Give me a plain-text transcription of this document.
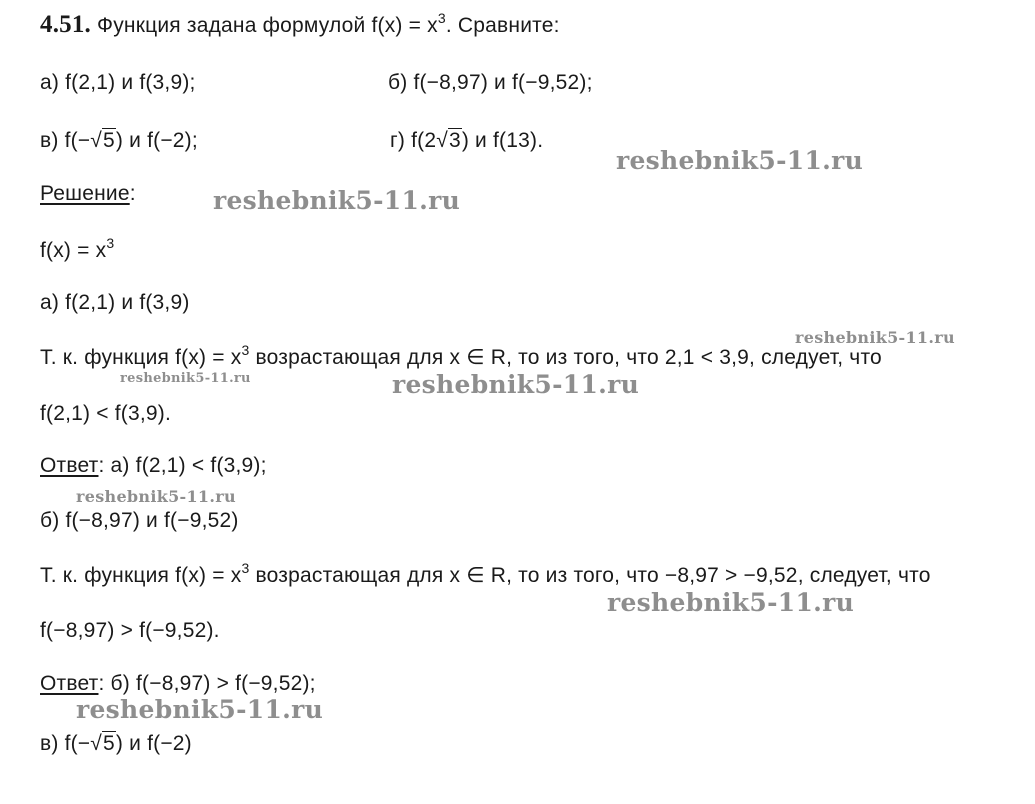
4.51. Функция задана формулой $f(x) = x^3$. Сравните:
а) f(2,1) и f(3,9);	б) f(−8,97) и f(−9,52);
в) f(−√5) и f(−2);	г) f(2√3) и f(13).
Решение:
$f(x) = x^3$
а) f(2,1) и f(3,9)
Т. к. функция $f(x) = x^3$ возрастающая для x ∈ R, то из того, что 2,1 < 3,9, следует, что
f(2,1) < f(3,9).
Ответ: а) f(2,1) < f(3,9);
б) f(−8,97) и f(−9,52)
Т. к. функция $f(x) = x^3$ возрастающая для x ∈ R, то из того, что −8,97 > −9,52, следует, что
f(−8,97) > f(−9,52).
Ответ: б) f(−8,97) > f(−9,52);
в) f(−√5) и f(−2)
reshebnik5-11.ru
reshebnik5-11.ru
reshebnik5-11.ru
reshebnik5-11.ru	reshebnik5-11.ru
reshebnik5-11.ru
reshebnik5-11.ru
reshebnik5-11.ru
